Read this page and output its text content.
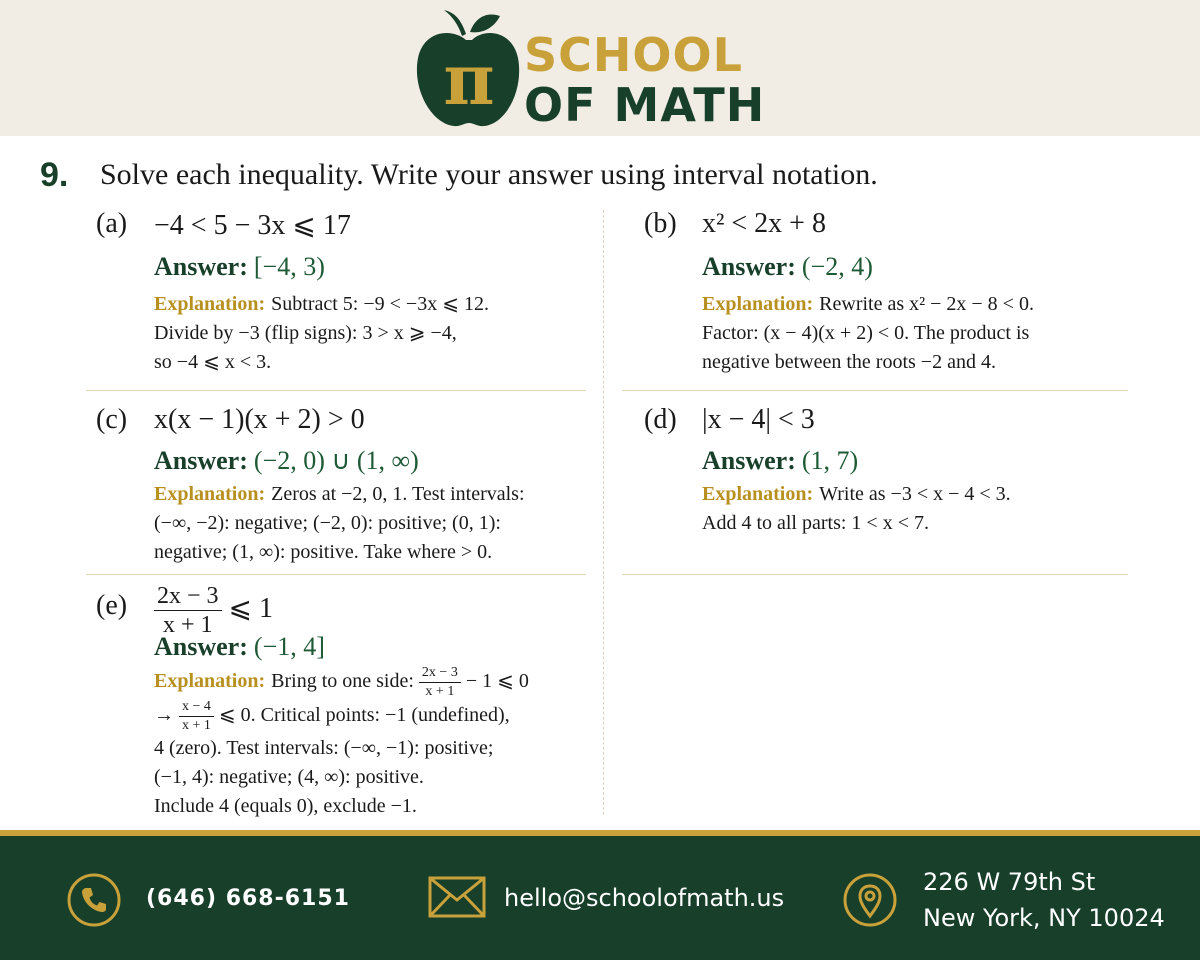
π SCHOOL
OF MATH
9. Solve each inequality. Write your answer using interval notation.
(a) −4 < 5 − 3x ⩽ 17
Answer: [−4, 3)
Explanation: Subtract 5: −9 < −3x ⩽ 12.
Divide by −3 (flip signs): 3 > x ⩾ −4,
so −4 ⩽ x < 3.
(b) x² < 2x + 8
Answer: (−2, 4)
Explanation: Rewrite as x² − 2x − 8 < 0.
Factor: (x − 4)(x + 2) < 0. The product is
negative between the roots −2 and 4.
(c) x(x − 1)(x + 2) > 0
Answer: (−2, 0) ∪ (1, ∞)
Explanation: Zeros at −2, 0, 1. Test intervals:
(−∞, −2): negative; (−2, 0): positive; (0, 1):
negative; (1, ∞): positive. Take where > 0.
(d) |x − 4| < 3
Answer: (1, 7)
Explanation: Write as −3 < x − 4 < 3.
Add 4 to all parts: 1 < x < 7.
$(e) \frac{2x - 3}{x + 1}$ ⩽ 1
Answer: (−1, 4]
Explanation: Bring to one side: $\frac{2x - 3}{x + 1} - 1$ ⩽ 0
→ $\frac{x - 4}{x + 1}$ ⩽ 0. Critical points: −1 (undefined),
4 (zero). Test intervals: (−∞, −1): positive;
(−1, 4): negative; (4, ∞): positive.
Include 4 (equals 0), exclude −1.
(646) 668-6151	hello@schoolofmath.us
226 W 79th St
New York, NY 10024
